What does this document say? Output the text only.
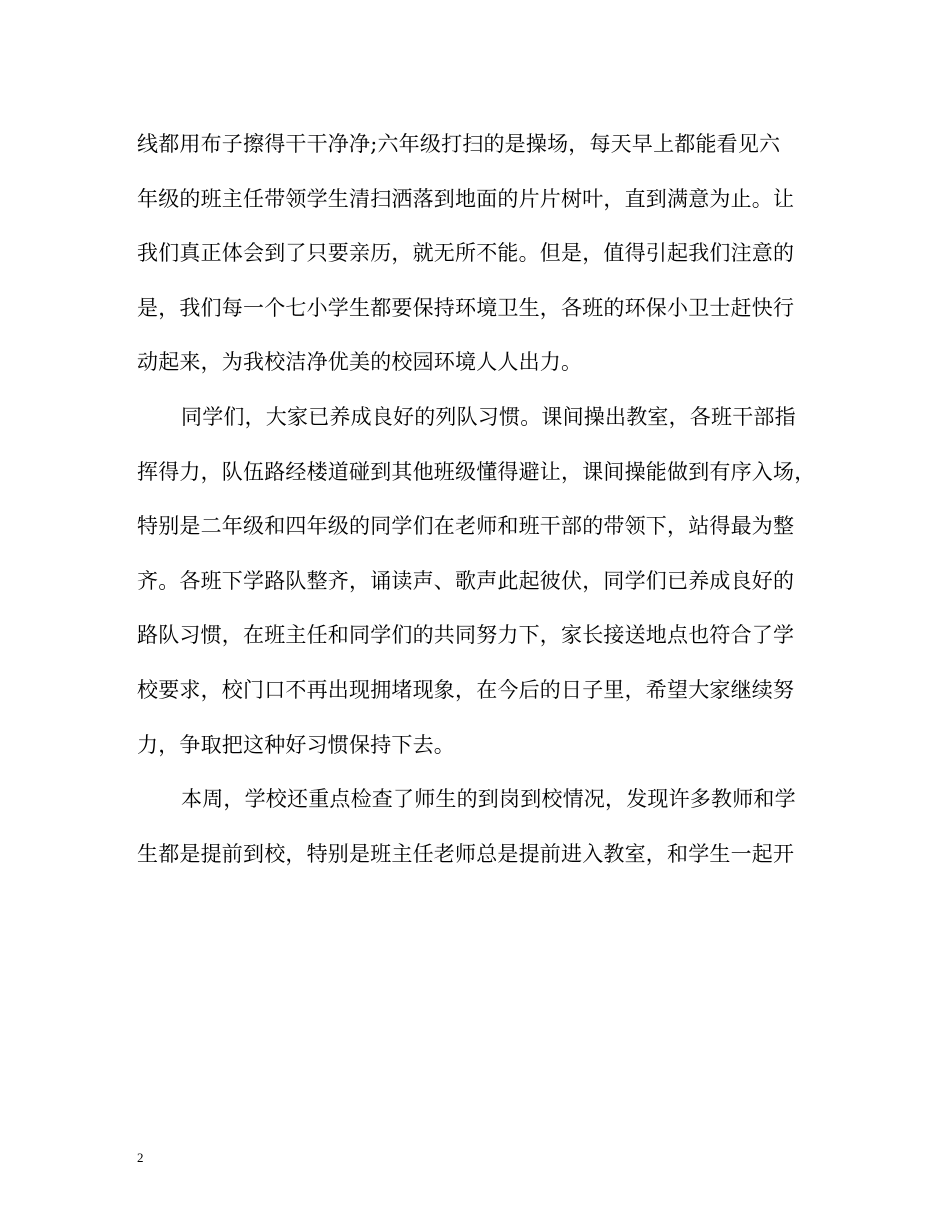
线都用布子擦得干干净净;六年级打扫的是操场，每天早上都能看见六
年级的班主任带领学生清扫洒落到地面的片片树叶，直到满意为止。让
我们真正体会到了只要亲历，就无所不能。但是，值得引起我们注意的
是，我们每一个七小学生都要保持环境卫生，各班的环保小卫士赶快行
动起来，为我校洁净优美的校园环境人人出力。
同学们，大家已养成良好的列队习惯。课间操出教室，各班干部指
挥得力，队伍路经楼道碰到其他班级懂得避让，课间操能做到有序入场，
特别是二年级和四年级的同学们在老师和班干部的带领下，站得最为整
齐。各班下学路队整齐，诵读声、歌声此起彼伏，同学们已养成良好的
路队习惯，在班主任和同学们的共同努力下，家长接送地点也符合了学
校要求，校门口不再出现拥堵现象，在今后的日子里，希望大家继续努
力，争取把这种好习惯保持下去。
本周，学校还重点检查了师生的到岗到校情况，发现许多教师和学
生都是提前到校，特别是班主任老师总是提前进入教室，和学生一起开
2
